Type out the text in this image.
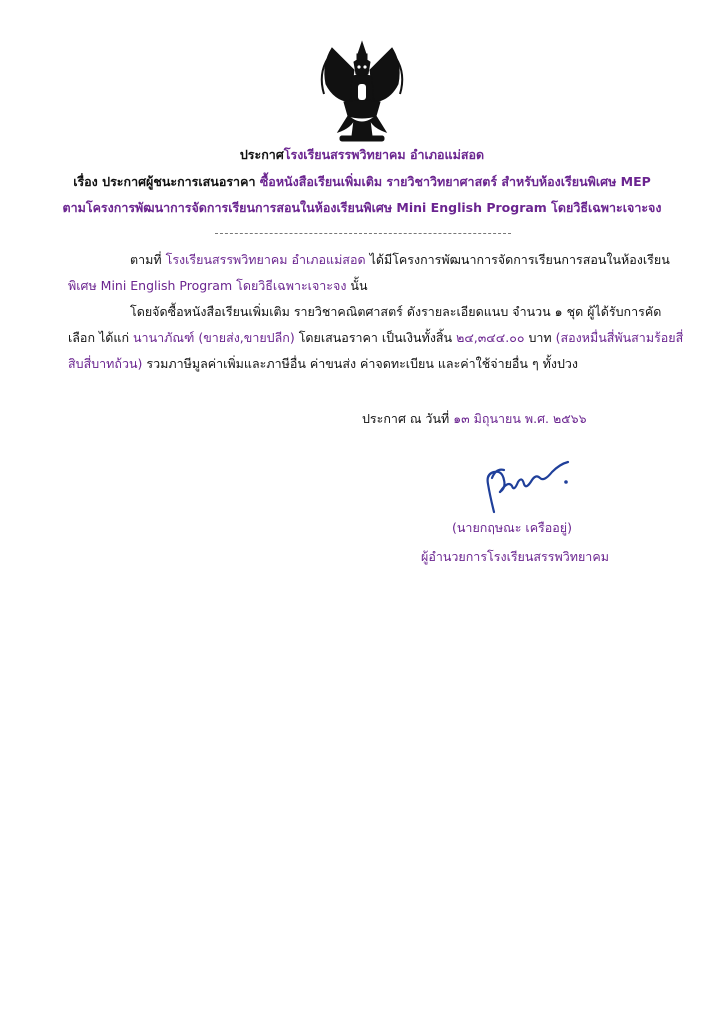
ประกาศโรงเรียนสรรพวิทยาคม อำเภอแม่สอด
เรื่อง ประกาศผู้ชนะการเสนอราคา ซื้อหนังสือเรียนเพิ่มเติม รายวิชาวิทยาศาสตร์ สำหรับห้องเรียนพิเศษ MEP
ตามโครงการพัฒนาการจัดการเรียนการสอนในห้องเรียนพิเศษ Mini English Program โดยวิธีเฉพาะเจาะจง
ตามที่ โรงเรียนสรรพวิทยาคม อำเภอแม่สอด ได้มีโครงการพัฒนาการจัดการเรียนการสอนในห้องเรียน
พิเศษ Mini English Program โดยวิธีเฉพาะเจาะจง นั้น
โดยจัดซื้อหนังสือเรียนเพิ่มเติม รายวิชาคณิตศาสตร์ ดังรายละเอียดแนบ จำนวน ๑ ชุด ผู้ได้รับการคัด
เลือก ได้แก่ นานาภัณฑ์ (ขายส่ง,ขายปลีก) โดยเสนอราคา เป็นเงินทั้งสิ้น ๒๔,๓๔๔.๐๐ บาท (สองหมื่นสี่พันสามร้อยสี่
สิบสี่บาทถ้วน) รวมภาษีมูลค่าเพิ่มและภาษีอื่น ค่าขนส่ง ค่าจดทะเบียน และค่าใช้จ่ายอื่น ๆ ทั้งปวง
ประกาศ ณ วันที่ ๑๓ มิถุนายน พ.ศ. ๒๕๖๖
(นายกฤษณะ เครืออยู่)
ผู้อำนวยการโรงเรียนสรรพวิทยาคม
